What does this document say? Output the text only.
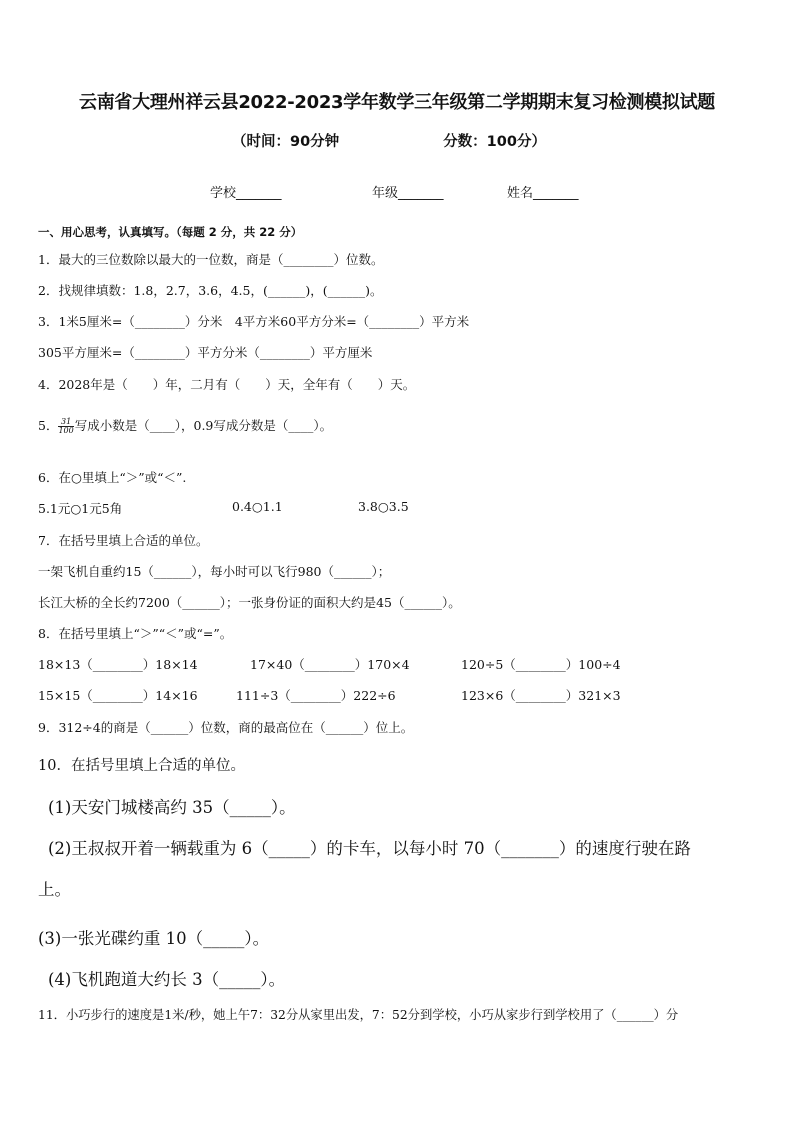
云南省大理州祥云县2022-2023学年数学三年级第二学期期末复习检测模拟试题
（时间：90分钟	分数：100分）
学校_______	年级_______	姓名_______
一、用心思考，认真填写。（每题 2 分，共 22 分）
1．最大的三位数除以最大的一位数，商是（________）位数。
2．找规律填数：1.8，2.7，3.6，4.5，(______)，(______)。
3．1米5厘米=（________）分米　4平方米60平方分米=（________）平方米
305平方厘米=（________）平方分米（________）平方厘米
4．2028年是（　　）年，二月有（　　）天，全年有（　　）天。
5． $\frac{31}{100}$ 写成小数是（____），0.9写成分数是（____）。
6．在○里填上“＞”或“＜”.
5.1元○1元5角	0.4○1.1	3.8○3.5
7．在括号里填上合适的单位。
一架飞机自重约15（______），每小时可以飞行980（______）；
长江大桥的全长约7200（______）；一张身份证的面积大约是45（______）。
8．在括号里填上“＞”“＜”或“=”。
18×13（________）18×14	17×40（________）170×4	120÷5（________）100÷4
15×15（________）14×16	111÷3（________）222÷6	123×6（________）321×3
9．312÷4的商是（______）位数，商的最高位在（______）位上。
10．在括号里填上合适的单位。
(1)天安门城楼高约 35（_____）。
(2)王叔叔开着一辆载重为 6（_____）的卡车，以每小时 70（_______）的速度行驶在路
上。
(3)一张光碟约重 10（_____）。
(4)飞机跑道大约长 3（_____）。
11．小巧步行的速度是1米/秒，她上午7：32分从家里出发，7：52分到学校，小巧从家步行到学校用了（______）分
